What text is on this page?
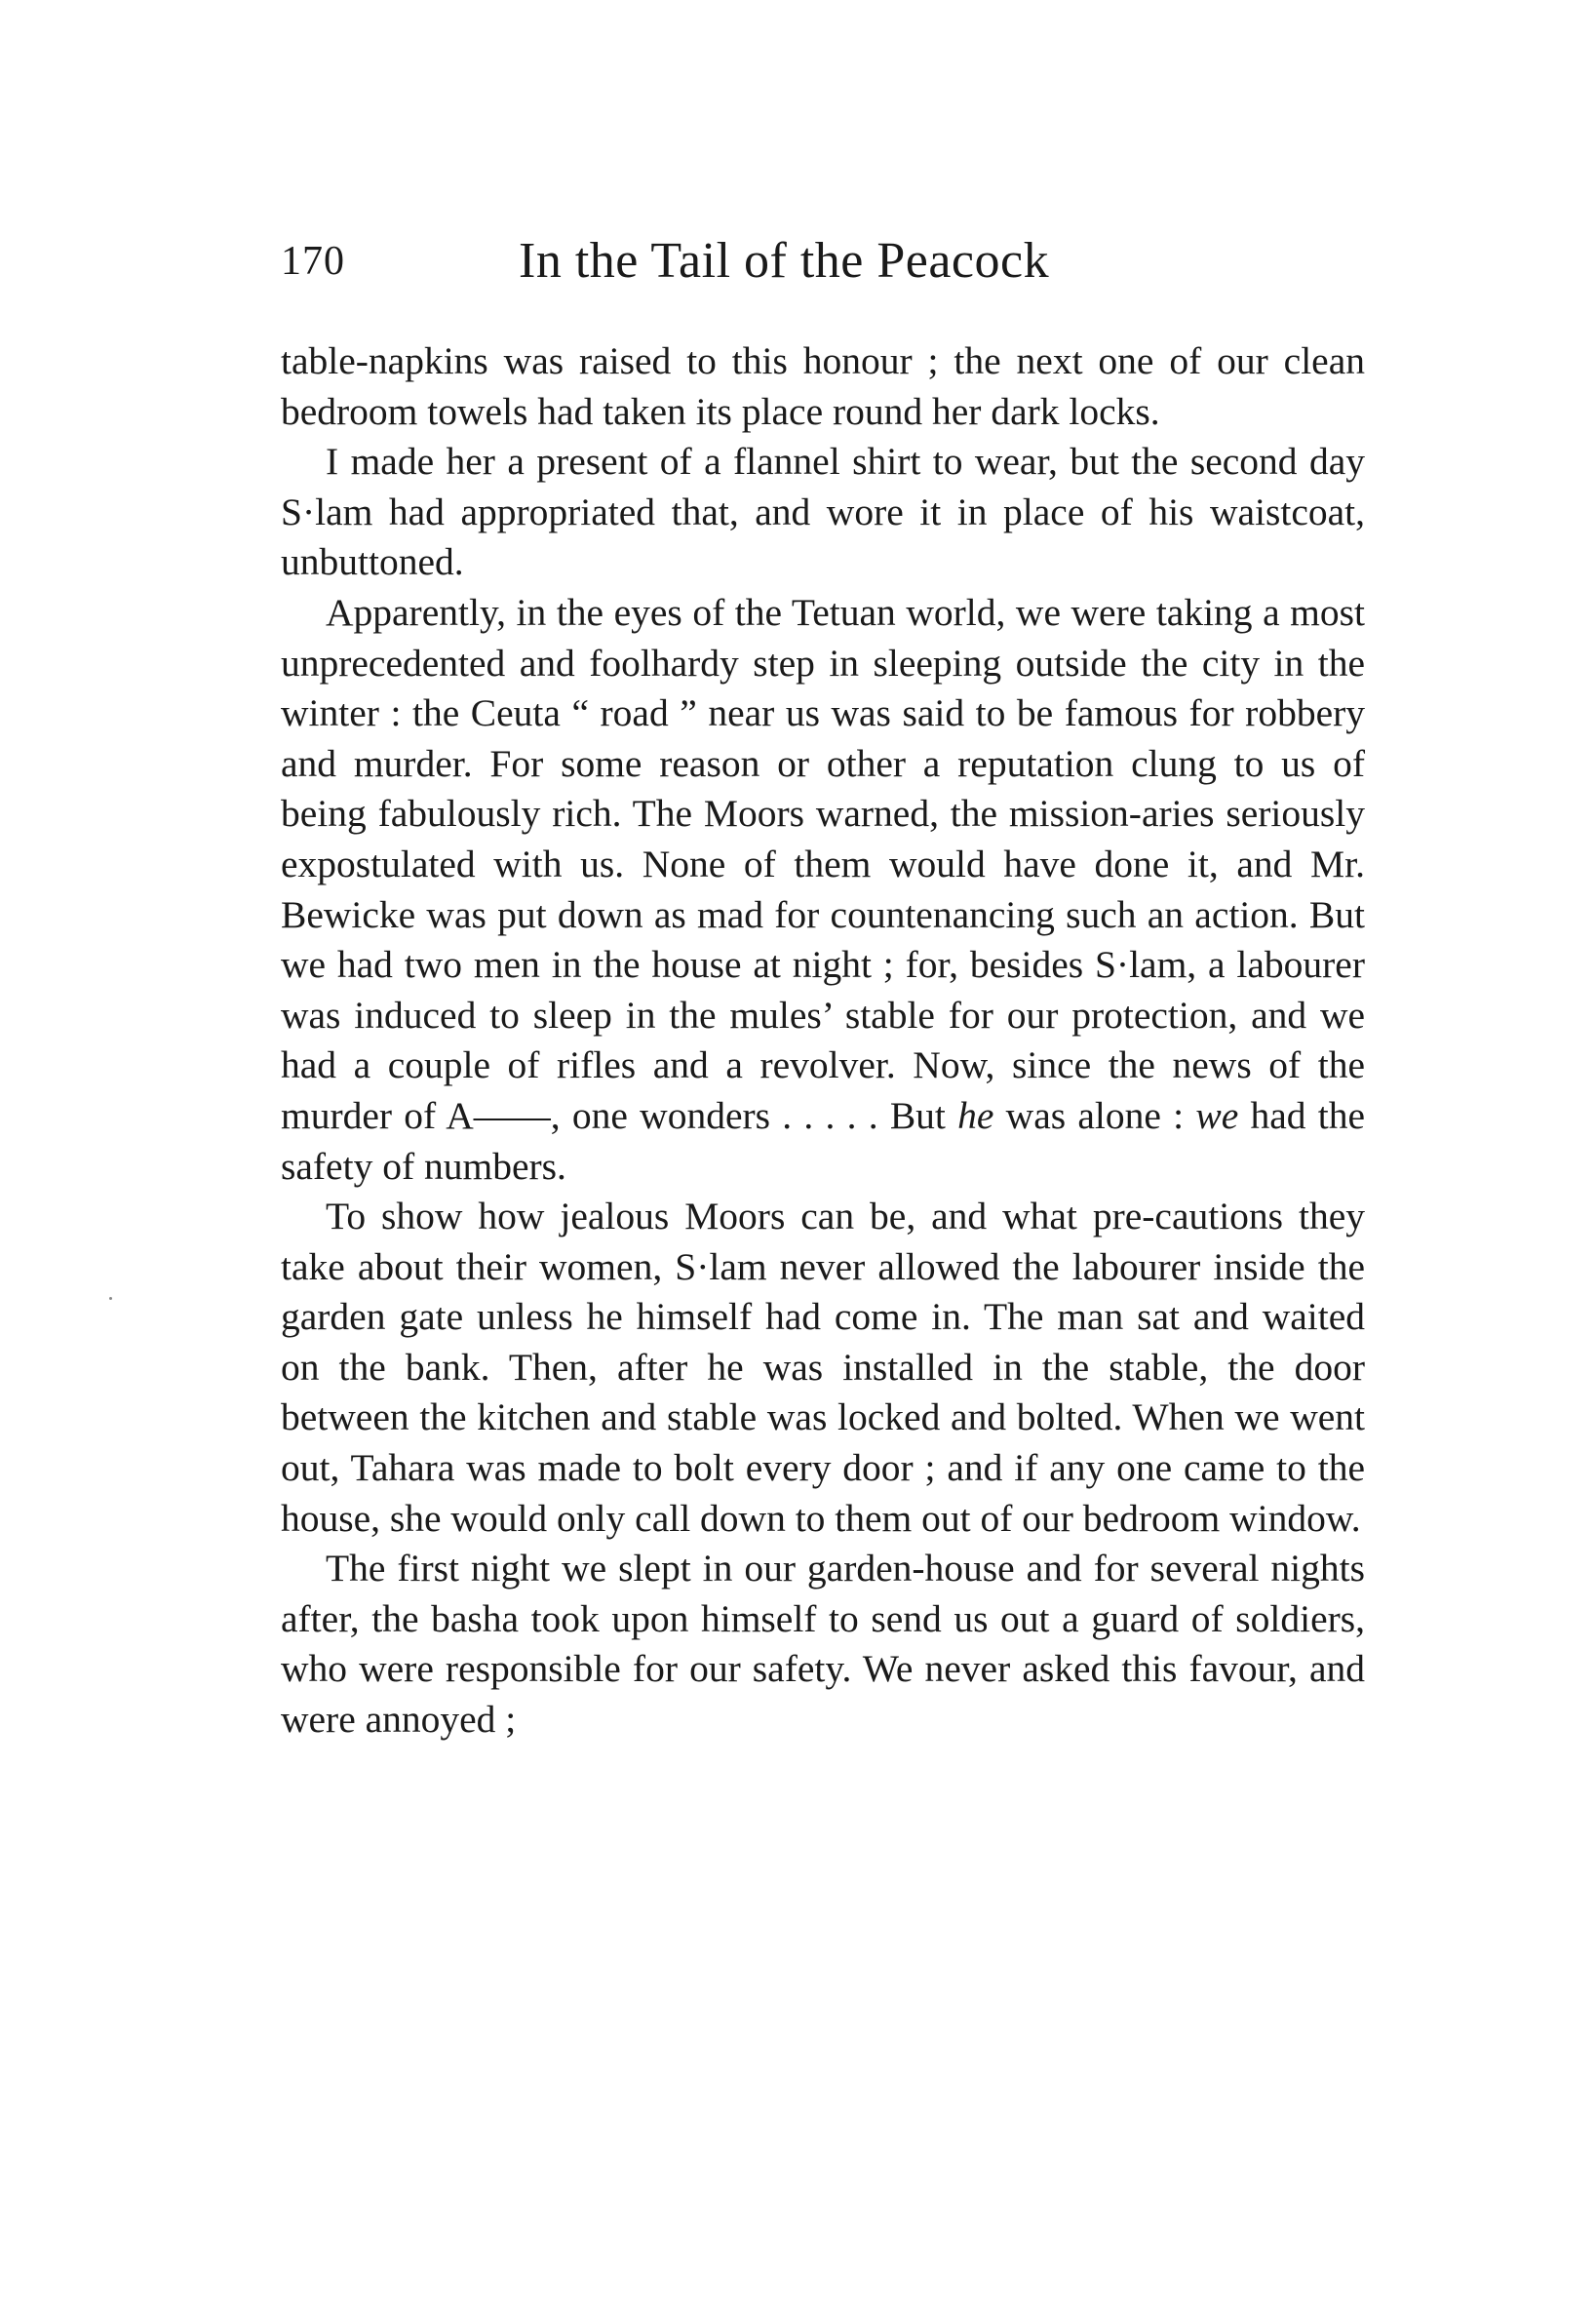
170	In the Tail of the Peacock

table-napkins was raised to this honour ; the next one of our clean bedroom towels had taken its place round her dark locks.

I made her a present of a flannel shirt to wear, but the second day S·lam had appropriated that, and wore it in place of his waistcoat, unbuttoned.

Apparently, in the eyes of the Tetuan world, we were taking a most unprecedented and foolhardy step in sleeping outside the city in the winter : the Ceuta “ road ” near us was said to be famous for robbery and murder. For some reason or other a reputation clung to us of being fabulously rich. The Moors warned, the mission-aries seriously expostulated with us. None of them would have done it, and Mr. Bewicke was put down as mad for countenancing such an action. But we had two men in the house at night ; for, besides S·lam, a labourer was induced to sleep in the mules’ stable for our protection, and we had a couple of rifles and a revolver. Now, since the news of the murder of A——, one wonders . . . . . But he was alone : we had the safety of numbers.

To show how jealous Moors can be, and what pre-cautions they take about their women, S·lam never allowed the labourer inside the garden gate unless he himself had come in. The man sat and waited on the bank. Then, after he was installed in the stable, the door between the kitchen and stable was locked and bolted. When we went out, Tahara was made to bolt every door ; and if any one came to the house, she would only call down to them out of our bedroom window.

The first night we slept in our garden-house and for several nights after, the basha took upon himself to send us out a guard of soldiers, who were responsible for our safety. We never asked this favour, and were annoyed ;
